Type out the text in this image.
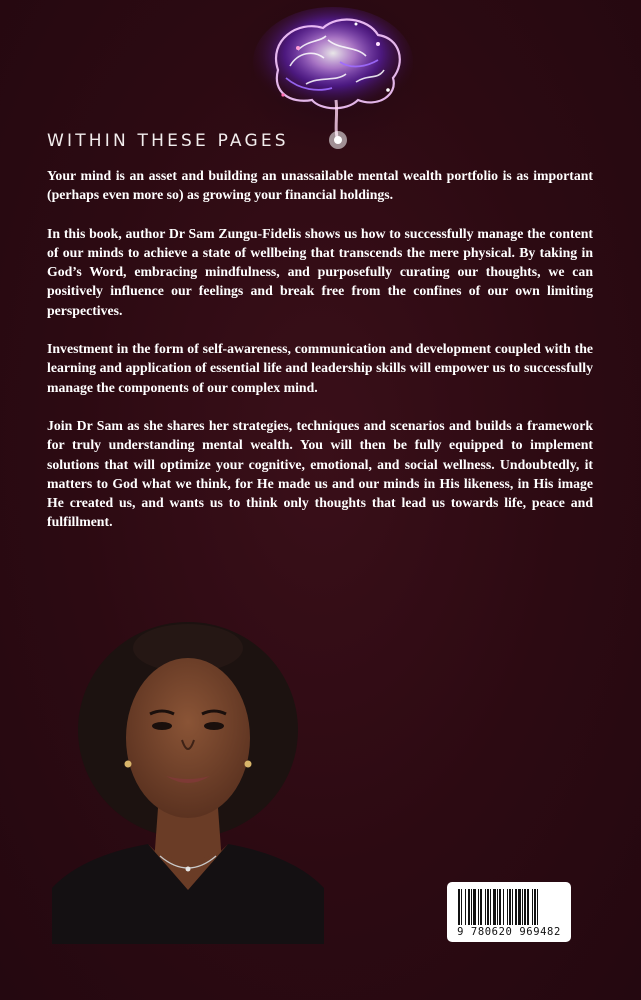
WITHIN THESE PAGES

Your mind is an asset and building an unassailable mental wealth portfolio is as important (perhaps even more so) as growing your financial holdings.

In this book, author Dr Sam Zungu-Fidelis shows us how to successfully manage the content of our minds to achieve a state of wellbeing that transcends the mere physical. By taking in God’s Word, embracing mindfulness, and purposefully curating our thoughts, we can positively influence our feelings and break free from the confines of our own limiting perspectives.

Investment in the form of self-awareness, communication and development coupled with the learning and application of essential life and leadership skills will empower us to successfully manage the components of our complex mind.

Join Dr Sam as she shares her strategies, techniques and scenarios and builds a framework for truly understanding mental wealth. You will then be fully equipped to implement solutions that will optimize your cognitive, emotional, and social wellness. Undoubtedly, it matters to God what we think, for He made us and our minds in His likeness, in His image He created us, and wants us to think only thoughts that lead us towards life, peace and fulfillment.

9 780620 969482
